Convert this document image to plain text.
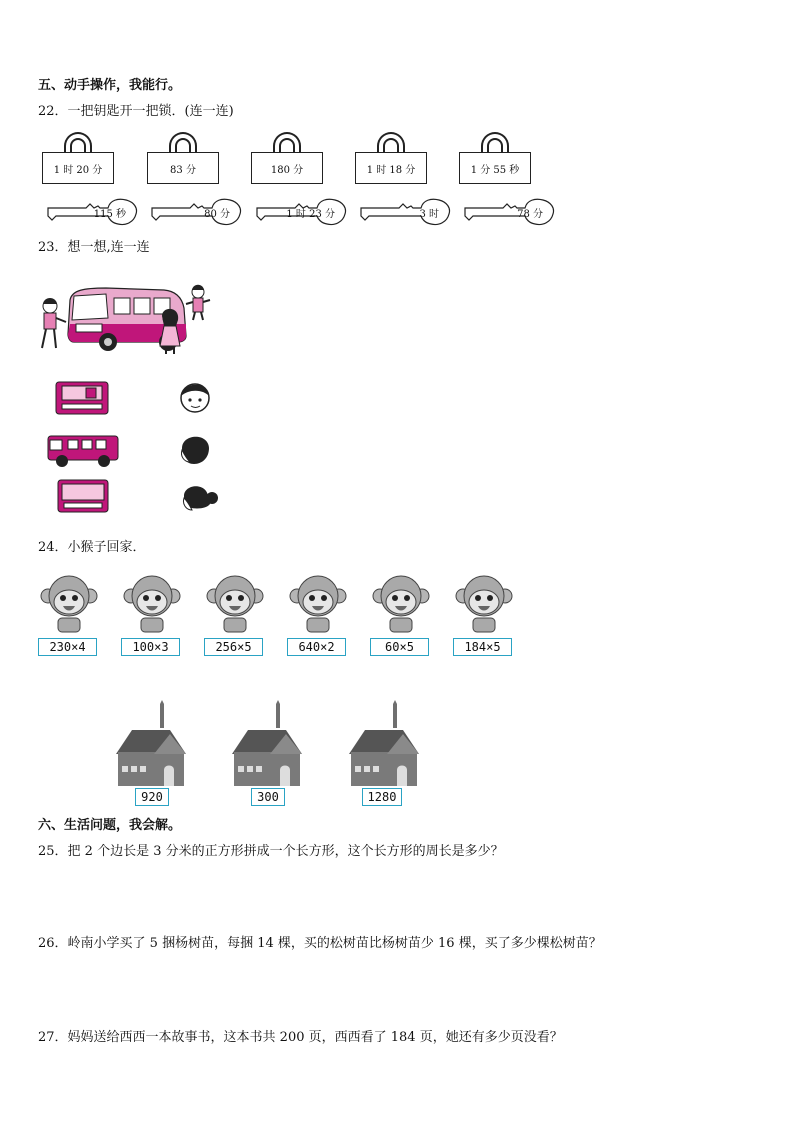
五、动手操作，我能行。
22．一把钥匙开一把锁．(连一连)
1 时 20 分	83 分	180 分	1 时 18 分	1 分 55 秒
115 秒	80 分	1 时 23 分	3 时	78 分
23．想一想,连一连
24．小猴子回家．
230×4	100×3	256×5	640×2	60×5	184×5
920	300	1280
六、生活问题，我会解。
25．把 2 个边长是 3 分米的正方形拼成一个长方形，这个长方形的周长是多少？
26．岭南小学买了 5 捆杨树苗，每捆 14 棵，买的松树苗比杨树苗少 16 棵，买了多少棵松树苗？
27．妈妈送给西西一本故事书，这本书共 200 页，西西看了 184 页，她还有多少页没看？
